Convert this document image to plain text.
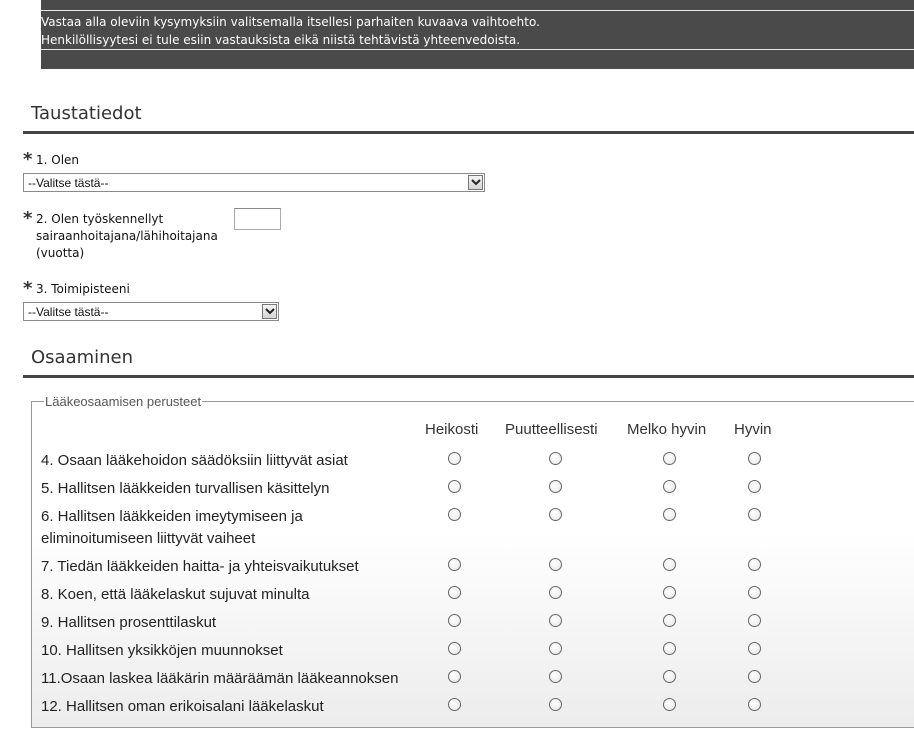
Vastaa alla oleviin kysymyksiin valitsemalla itsellesi parhaiten kuvaava vaihtoehto.
Henkilöllisyytesi ei tule esiin vastauksista eikä niistä tehtävistä yhteenvedoista.
Taustatiedot
* 1. Olen
--Valitse tästä--
* 2. Olen työskennellyt
sairaanhoitajana/lähihoitajana
(vuotta)
* 3. Toimipisteeni
--Valitse tästä--
Osaaminen
Lääkeosaamisen perusteet
Heikosti Puutteellisesti Melko hyvin Hyvin
4. Osaan lääkehoidon säädöksiin liittyvät asiat
5. Hallitsen lääkkeiden turvallisen käsittelyn
6. Hallitsen lääkkeiden imeytymiseen ja
eliminoitumiseen liittyvät vaiheet
7. Tiedän lääkkeiden haitta- ja yhteisvaikutukset
8. Koen, että lääkelaskut sujuvat minulta
9. Hallitsen prosenttilaskut
10. Hallitsen yksikköjen muunnokset
11.Osaan laskea lääkärin määräämän lääkeannoksen
12. Hallitsen oman erikoisalani lääkelaskut
